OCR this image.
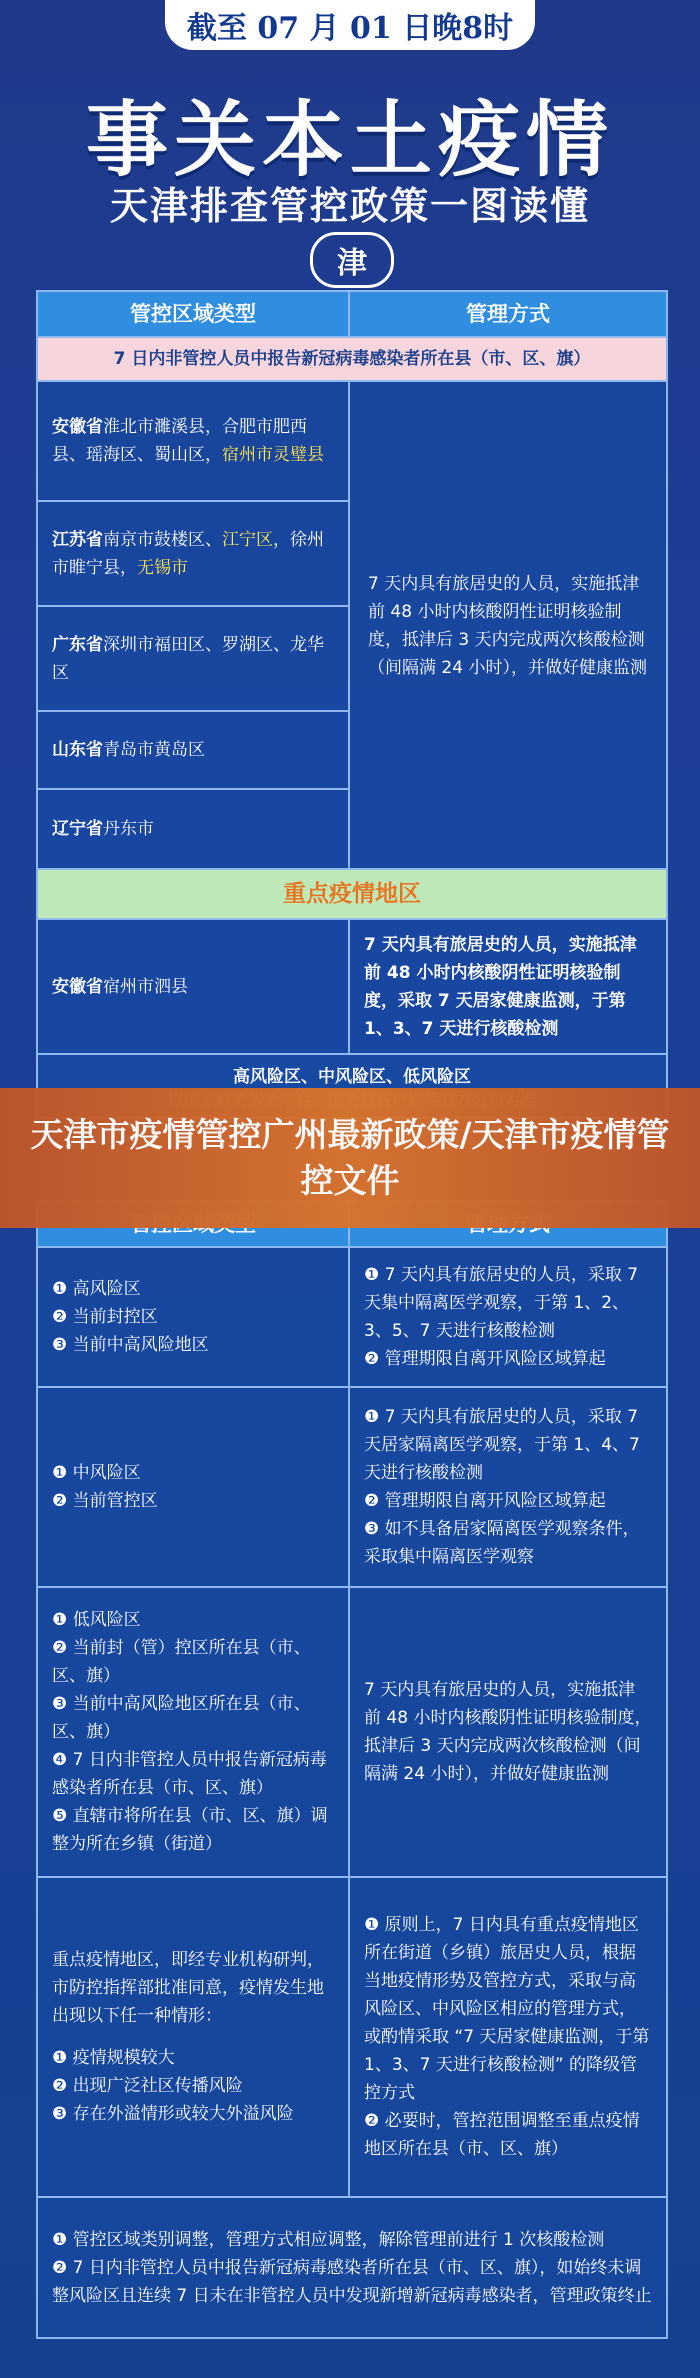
截至 07 月 01 日晚8时
事关本土疫情
天津排查管控政策一图读懂
津
管控区域类型	管理方式
7 日内非管控人员中报告新冠病毒感染者所在县（市、区、旗）
安徽省淮北市濉溪县，合肥市肥西县、瑶海区、蜀山区，宿州市灵璧县
江苏省南京市鼓楼区、江宁区，徐州市睢宁县，无锡市
广东省深圳市福田区、罗湖区、龙华区
山东省青岛市黄岛区
辽宁省丹东市
7 天内具有旅居史的人员，实施抵津前 48 小时内核酸阴性证明核验制度，抵津后 3 天内完成两次核酸检测（间隔满 24 小时），并做好健康监测
重点疫情地区
安徽省宿州市泗县
7 天内具有旅居史的人员，实施抵津前 48 小时内核酸阴性证明核验制度，采取 7 天居家健康监测，于第 1、3、7 天进行核酸检测
高风险区、中风险区、低风险区
❶ 高风险区
❷ 当前封控区
❸ 当前中高风险地区
❶ 7 天内具有旅居史的人员，采取 7 天集中隔离医学观察，于第 1、2、3、5、7 天进行核酸检测
❷ 管理期限自离开风险区域算起
❶ 中风险区
❷ 当前管控区
❶ 7 天内具有旅居史的人员，采取 7 天居家隔离医学观察，于第 1、4、7 天进行核酸检测
❷ 管理期限自离开风险区域算起
❸ 如不具备居家隔离医学观察条件，采取集中隔离医学观察
❶ 低风险区
❷ 当前封（管）控区所在县（市、区、旗）
❸ 当前中高风险地区所在县（市、区、旗）
❹ 7 日内非管控人员中报告新冠病毒感染者所在县（市、区、旗）
❺ 直辖市将所在县（市、区、旗）调整为所在乡镇（街道）
7 天内具有旅居史的人员，实施抵津前 48 小时内核酸阴性证明核验制度，抵津后 3 天内完成两次核酸检测（间隔满 24 小时），并做好健康监测
重点疫情地区，即经专业机构研判，市防控指挥部批准同意，疫情发生地出现以下任一种情形：
❶ 疫情规模较大
❷ 出现广泛社区传播风险
❸ 存在外溢情形或较大外溢风险
❶ 原则上，7 日内具有重点疫情地区所在街道（乡镇）旅居史人员，根据当地疫情形势及管控方式，采取与高风险区、中风险区相应的管理方式，或酌情采取 “7 天居家健康监测，于第 1、3、7 天进行核酸检测” 的降级管控方式
❷ 必要时，管控范围调整至重点疫情地区所在县（市、区、旗）
❶ 管控区域类别调整，管理方式相应调整，解除管理前进行 1 次核酸检测
❷ 7 日内非管控人员中报告新冠病毒感染者所在县（市、区、旗），如始终未调整风险区且连续 7 日未在非管控人员中发现新增新冠病毒感染者，管理政策终止
天津市疫情管控广州最新政策/天津市疫情管控文件
